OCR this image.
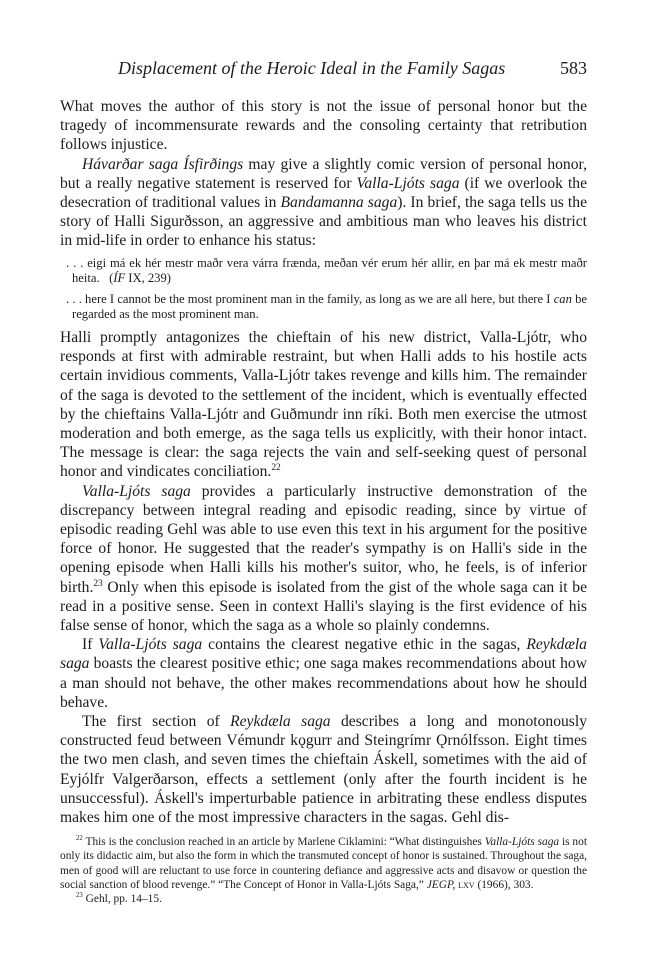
Displacement of the Heroic Ideal in the Family Sagas	583

What moves the author of this story is not the issue of personal honor but the tragedy of incommensurate rewards and the consoling certainty that retribution follows injustice.

Hávarðar saga Ísfirðings may give a slightly comic version of personal honor, but a really negative statement is reserved for Valla-Ljóts saga (if we overlook the desecration of traditional values in Bandamanna saga). In brief, the saga tells us the story of Halli Sigurðsson, an aggressive and ambitious man who leaves his district in mid-life in order to enhance his status:

. . . eigi má ek hér mestr maðr vera várra frænda, meðan vér erum hér allir, en þar má ek mestr maðr heita.   (ÍF IX, 239)

. . . here I cannot be the most prominent man in the family, as long as we are all here, but there I can be regarded as the most prominent man.

Halli promptly antagonizes the chieftain of his new district, Valla-Ljótr, who responds at first with admirable restraint, but when Halli adds to his hostile acts certain invidious comments, Valla-Ljótr takes revenge and kills him. The remainder of the saga is devoted to the settlement of the incident, which is eventually effected by the chieftains Valla-Ljótr and Guðmundr inn ríki. Both men exercise the utmost moderation and both emerge, as the saga tells us explicitly, with their honor intact. The message is clear: the saga rejects the vain and self-seeking quest of personal honor and vindicates conciliation.$^{22}$

Valla-Ljóts saga provides a particularly instructive demonstration of the discrepancy between integral reading and episodic reading, since by virtue of episodic reading Gehl was able to use even this text in his argument for the positive force of honor. He suggested that the reader's sympathy is on Halli's side in the opening episode when Halli kills his mother's suitor, who, he feels, is of inferior birth.$^{23}$ Only when this episode is isolated from the gist of the whole saga can it be read in a positive sense. Seen in context Halli's slaying is the first evidence of his false sense of honor, which the saga as a whole so plainly condemns.

If Valla-Ljóts saga contains the clearest negative ethic in the sagas, Reykdæla saga boasts the clearest positive ethic; one saga makes recommendations about how a man should not behave, the other makes recommendations about how he should behave.

The first section of Reykdæla saga describes a long and monotonously constructed feud between Vémundr kǫgurr and Steingrímr Ǫrnólfsson. Eight times the two men clash, and seven times the chieftain Áskell, sometimes with the aid of Eyjólfr Valgerðarson, effects a settlement (only after the fourth incident is he unsuccessful). Áskell's imperturbable patience in arbitrating these endless disputes makes him one of the most impressive characters in the sagas. Gehl dis-

$^{22}$ This is the conclusion reached in an article by Marlene Ciklamini: “What distinguishes Valla-Ljóts saga is not only its didactic aim, but also the form in which the transmuted concept of honor is sustained. Throughout the saga, men of good will are reluctant to use force in countering defiance and aggressive acts and disavow or question the social sanction of blood revenge.” “The Concept of Honor in Valla-Ljóts Saga,” JEGP, lxv (1966), 303.

$^{23}$ Gehl, pp. 14–15.
